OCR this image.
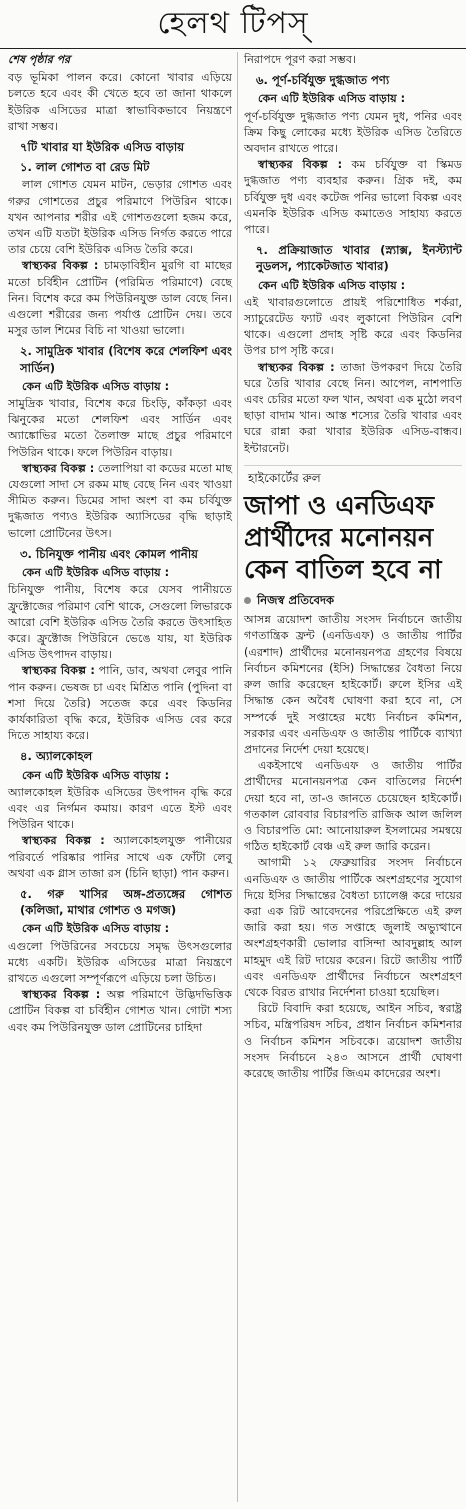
হেলথ টিপস্

শেষ পৃষ্ঠার পর

বড় ভূমিকা পালন করে। কোনো খাবার এড়িয়ে চলতে হবে এবং কী খেতে হবে তা জানা থাকলে ইউরিক এসিডের মাত্রা স্বাভাবিকভাবে নিয়ন্ত্রণে রাখা সম্ভব।

৭টি খাবার যা ইউরিক এসিড বাড়ায়

১. লাল গোশত বা রেড মিট

লাল গোশত যেমন মাটন, ভেড়ার গোশত এবং গরুর গোশতের প্রচুর পরিমাণে পিউরিন থাকে। যখন আপনার শরীর এই গোশতগুলো হজম করে, তখন এটি যতটা ইউরিক এসিড নির্গত করতে পারে তার চেয়ে বেশি ইউরিক এসিড তৈরি করে।

স্বাস্থ্যকর বিকল্প : চামড়াবিহীন মুরগি বা মাছের মতো চর্বিহীন প্রোটিন (পরিমিত পরিমাণে) বেছে নিন। বিশেষ করে কম পিউরিনযুক্ত ডাল বেছে নিন। এগুলো শরীরের জন্য পর্যাপ্ত প্রোটিন দেয়। তবে মসুর ডাল শিমের বিচি না খাওয়া ভালো।

২. সামুদ্রিক খাবার (বিশেষ করে শেলফিশ এবং সার্ডিন)

কেন এটি ইউরিক এসিড বাড়ায় :

সামুদ্রিক খাবার, বিশেষ করে চিংড়ি, কাঁকড়া এবং ঝিনুকের মতো শেলফিশ এবং সার্ডিন এবং অ্যাঙ্কোভির মতো তৈলাক্ত মাছে প্রচুর পরিমাণে পিউরিন থাকে। ফলে পিউরিন বাড়ায়।

স্বাস্থ্যকর বিকল্প : তেলাপিয়া বা কডের মতো মাছ যেগুলো সাদা সে রকম মাছ বেছে নিন এবং খাওয়া সীমিত করুন। ডিমের সাদা অংশ বা কম চর্বিযুক্ত দুগ্ধজাত পণ্যও ইউরিক অ্যাসিডের বৃদ্ধি ছাড়াই ভালো প্রোটিনের উৎস।

৩. চিনিযুক্ত পানীয় এবং কোমল পানীয়

কেন এটি ইউরিক এসিড বাড়ায় :

চিনিযুক্ত পানীয়, বিশেষ করে যেসব পানীয়তে ফ্রুক্টোজের পরিমাণ বেশি থাকে, সেগুলো লিভারকে আরো বেশি ইউরিক এসিড তৈরি করতে উৎসাহিত করে। ফ্রুক্টোজ পিউরিনে ভেঙে যায়, যা ইউরিক এসিড উৎপাদন বাড়ায়।

স্বাস্থ্যকর বিকল্প : পানি, ডাব, অথবা লেবুর পানি পান করুন। ভেষজ চা এবং মিশ্রিত পানি (পুদিনা বা শসা দিয়ে তৈরি) সতেজ করে এবং কিডনির কার্যকারিতা বৃদ্ধি করে, ইউরিক এসিড বের করে দিতে সাহায্য করে।

৪. অ্যালকোহল

কেন এটি ইউরিক এসিড বাড়ায় :

অ্যালকোহল ইউরিক এসিডের উৎপাদন বৃদ্ধি করে এবং এর নির্গমন কমায়। কারণ এতে ইস্ট এবং পিউরিন থাকে।

স্বাস্থ্যকর বিকল্প : অ্যালকোহলযুক্ত পানীয়ের পরিবর্তে পরিষ্কার পানির সাথে এক ফোঁটা লেবু অথবা এক গ্লাস তাজা রস (চিনি ছাড়া) পান করুন।

৫. গরু খাসির অঙ্গ-প্রত্যঙ্গের গোশত (কলিজা, মাথার গোশত ও মগজ)

কেন এটি ইউরিক এসিড বাড়ায় :

এগুলো পিউরিনের সবচেয়ে সমৃদ্ধ উৎসগুলোর মধ্যে একটি। ইউরিক এসিডের মাত্রা নিয়ন্ত্রণে রাখতে এগুলো সম্পূর্ণরূপে এড়িয়ে চলা উচিত।

স্বাস্থ্যকর বিকল্প : অল্প পরিমাণে উদ্ভিদভিত্তিক প্রোটিন বিকল্প বা চর্বিহীন গোশত খান। গোটা শস্য এবং কম পিউরিনযুক্ত ডাল প্রোটিনের চাহিদা

নিরাপদে পূরণ করা সম্ভব।

৬. পূর্ণ-চর্বিযুক্ত দুগ্ধজাত পণ্য

কেন এটি ইউরিক এসিড বাড়ায় :

পূর্ণ-চর্বিযুক্ত দুগ্ধজাত পণ্য যেমন দুধ, পনির এবং ক্রিম কিছু লোকের মধ্যে ইউরিক এসিড তৈরিতে অবদান রাখতে পারে।

স্বাস্থ্যকর বিকল্প : কম চর্বিযুক্ত বা স্কিমড দুগ্ধজাত পণ্য ব্যবহার করুন। গ্রিক দই, কম চর্বিযুক্ত দুধ এবং কটেজ পনির ভালো বিকল্প এবং এমনকি ইউরিক এসিড কমাতেও সাহায্য করতে পারে।

৭. প্রক্রিয়াজাত খাবার (স্ন্যাক্স, ইনস্ট্যান্ট নুডলস, প্যাকেটজাত খাবার)

কেন এটি ইউরিক এসিড বাড়ায় :

এই খাবারগুলোতে প্রায়ই পরিশোধিত শর্করা, স্যাচুরেটেড ফ্যাট এবং লুকানো পিউরিন বেশি থাকে। এগুলো প্রদাহ সৃষ্টি করে এবং কিডনির উপর চাপ সৃষ্টি করে।

স্বাস্থ্যকর বিকল্প : তাজা উপকরণ দিয়ে তৈরি ঘরে তৈরি খাবার বেছে নিন। আপেল, নাশপাতি এবং চেরির মতো ফল খান, অথবা এক মুঠো লবণ ছাড়া বাদাম খান। আস্ত শস্যের তৈরি খাবার এবং ঘরে রান্না করা খাবার ইউরিক এসিড-বান্ধব। ইন্টারনেট।

হাইকোর্টের রুল

জাপা ও এনডিএফ প্রার্থীদের মনোনয়ন কেন বাতিল হবে না

নিজস্ব প্রতিবেদক

আসন্ন ত্রয়োদশ জাতীয় সংসদ নির্বাচনে জাতীয় গণতান্ত্রিক ফ্রন্ট (এনডিএফ) ও জাতীয় পার্টির (এরশাদ) প্রার্থীদের মনোনয়নপত্র গ্রহণের বিষয়ে নির্বাচন কমিশনের (ইসি) সিদ্ধান্তের বৈধতা নিয়ে রুল জারি করেছেন হাইকোর্ট। রুলে ইসির এই সিদ্ধান্ত কেন অবৈধ ঘোষণা করা হবে না, সে সম্পর্কে দুই সপ্তাহের মধ্যে নির্বাচন কমিশন, সরকার এবং এনডিএফ ও জাতীয় পার্টিকে ব্যাখ্যা প্রদানের নির্দেশ দেয়া হয়েছে।

একইসাথে এনডিএফ ও জাতীয় পার্টির প্রার্থীদের মনোনয়নপত্র কেন বাতিলের নির্দেশ দেয়া হবে না, তা-ও জানতে চেয়েছেন হাইকোর্ট। গতকাল রোববার বিচারপতি রাজিক আল জলিল ও বিচারপতি মো: আনোয়ারুল ইসলামের সমন্বয়ে গঠিত হাইকোর্ট বেঞ্চ এই রুল জারি করেন।

আগামী ১২ ফেব্রুয়ারির সংসদ নির্বাচনে এনডিএফ ও জাতীয় পার্টিকে অংশগ্রহণের সুযোগ দিয়ে ইসির সিদ্ধান্তের বৈধতা চ্যালেঞ্জ করে দায়ের করা এক রিট আবেদনের পরিপ্রেক্ষিতে এই রুল জারি করা হয়। গত সপ্তাহে জুলাই অভ্যুত্থানে অংশগ্রহণকারী ভোলার বাসিন্দা আবদুল্লাহ আল মাহমুদ এই রিট দায়ের করেন। রিটে জাতীয় পার্টি এবং এনডিএফ প্রার্থীদের নির্বাচনে অংশগ্রহণ থেকে বিরত রাখার নির্দেশনা চাওয়া হয়েছিল।

রিটে বিবাদি করা হয়েছে, আইন সচিব, স্বরাষ্ট্র সচিব, মন্ত্রিপরিষদ সচিব, প্রধান নির্বাচন কমিশনার ও নির্বাচন কমিশন সচিবকে। ত্রয়োদশ জাতীয় সংসদ নির্বাচনে ২৪৩ আসনে প্রার্থী ঘোষণা করেছে জাতীয় পার্টির জিএম কাদেরের অংশ।
